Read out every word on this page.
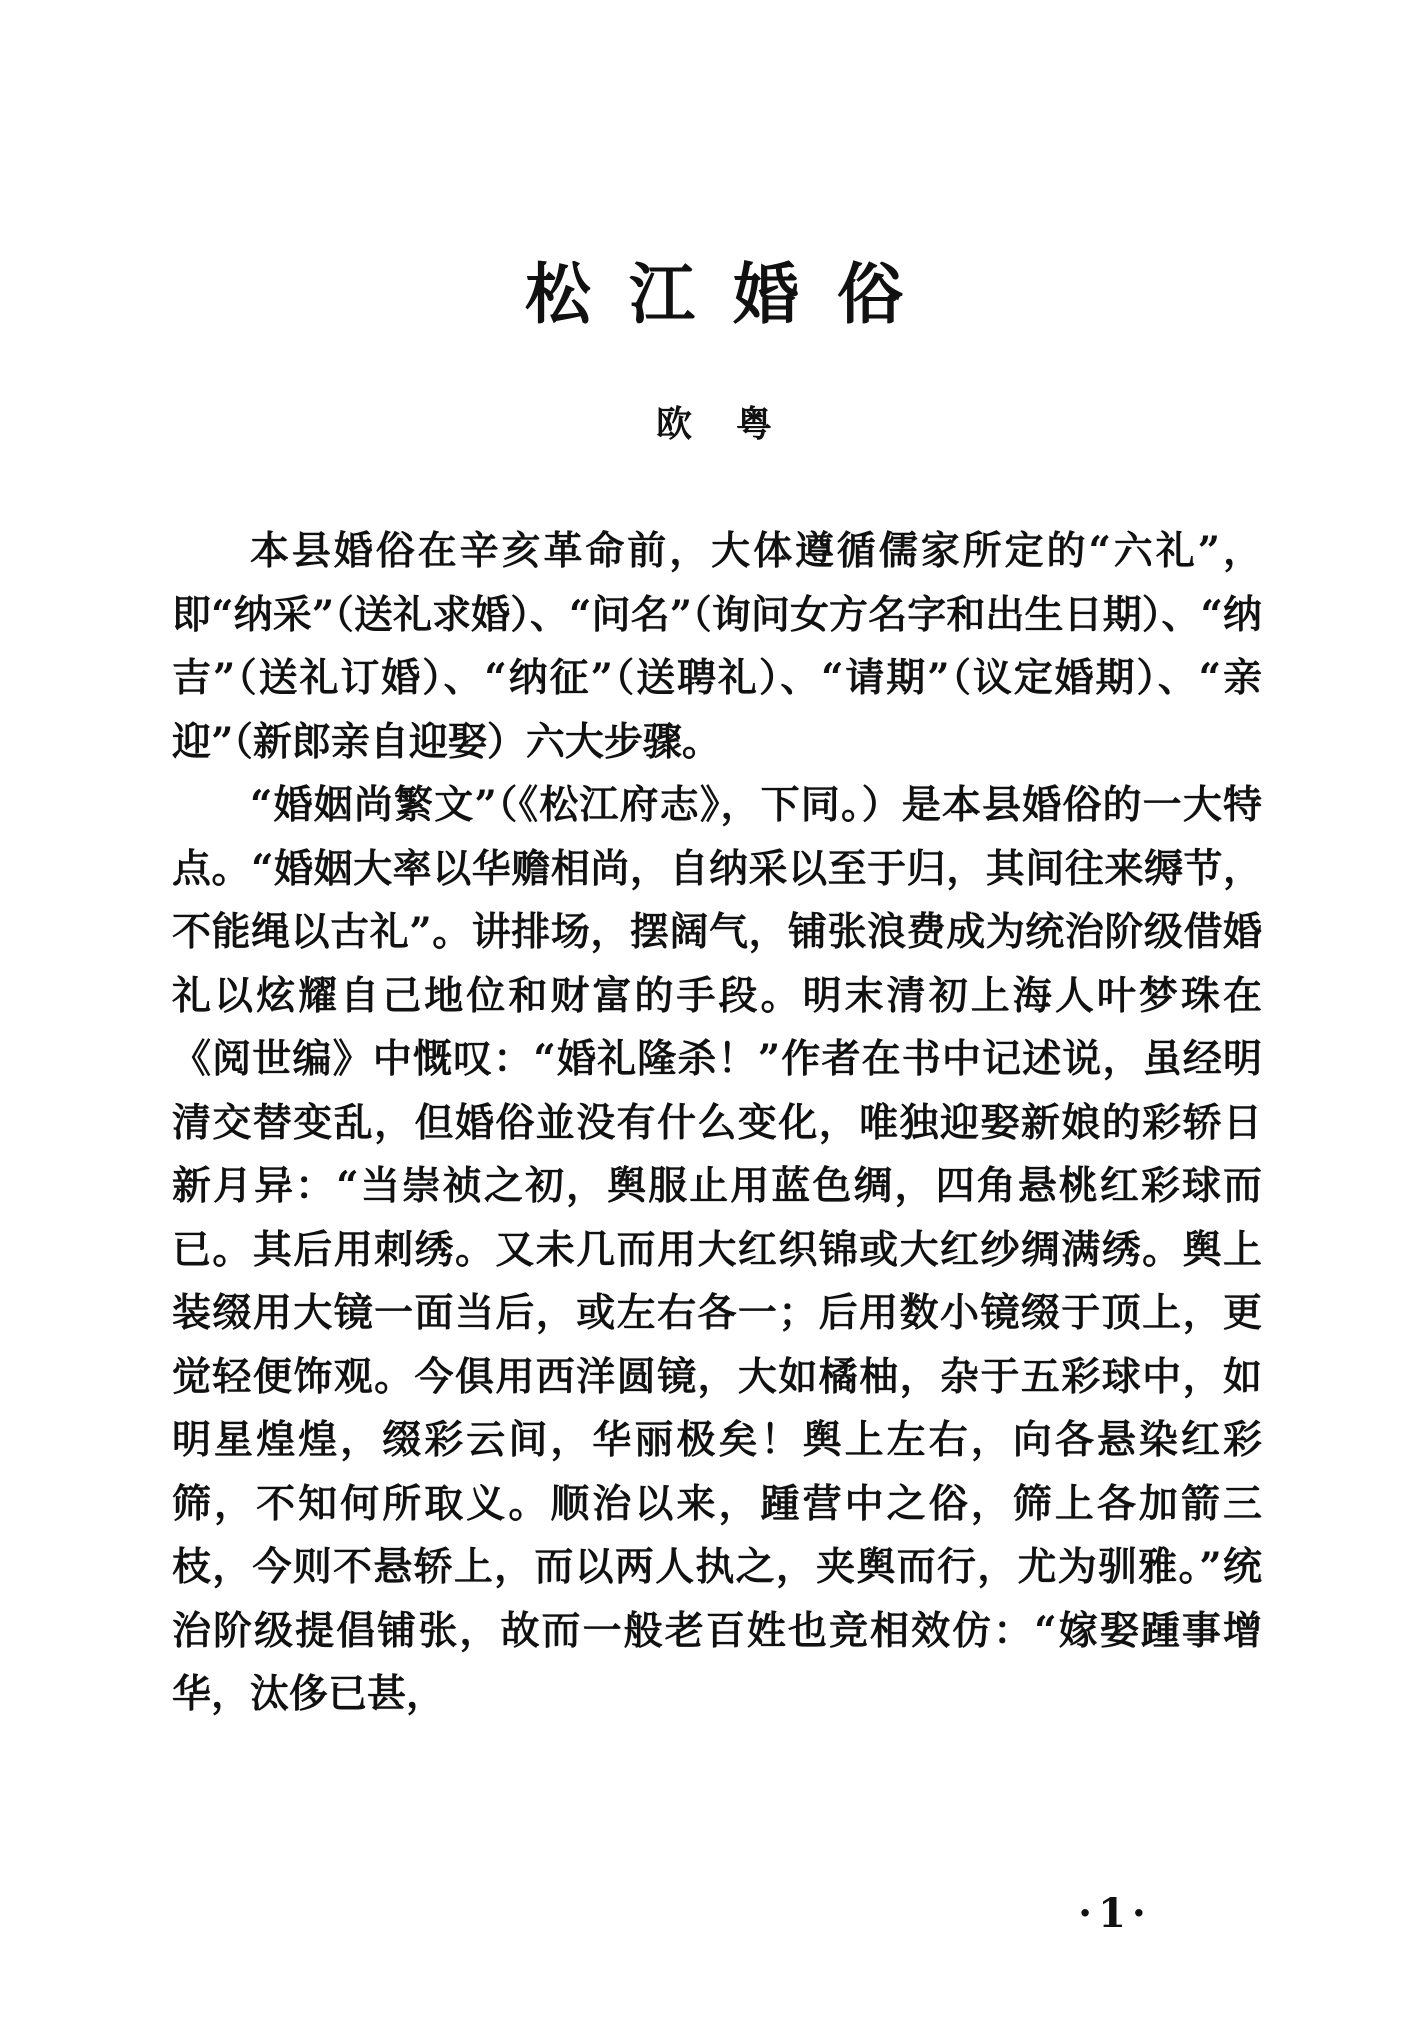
松江婚俗
欧粤

本县婚俗在辛亥革命前，大体遵循儒家所定的“六礼”，即“纳采”（送礼求婚）、“问名”（询问女方名字和出生日期）、“纳吉”（送礼订婚）、“纳征”（送聘礼）、“请期”（议定婚期）、“亲迎”（新郎亲自迎娶）六大步骤。

“婚姻尚繁文”（《松江府志》，下同。）是本县婚俗的一大特点。“婚姻大率以华赡相尚，自纳采以至于归，其间往来缛节，不能绳以古礼”。讲排场，摆阔气，铺张浪费成为统治阶级借婚礼以炫耀自己地位和财富的手段。明末清初上海人叶梦珠在《阅世编》中慨叹：“婚礼隆杀！”作者在书中记述说，虽经明清交替变乱，但婚俗並没有什么变化，唯独迎娶新娘的彩轿日新月异：“当崇祯之初，舆服止用蓝色绸，四角悬桃红彩球而已。其后用刺绣。又未几而用大红织锦或大红纱绸满绣。舆上装缀用大镜一面当后，或左右各一；后用数小镜缀于顶上，更觉轻便饰观。今俱用西洋圆镜，大如橘柚，杂于五彩球中，如明星煌煌，缀彩云间，华丽极矣！舆上左右，向各悬染红彩筛，不知何所取义。顺治以来，踵营中之俗，筛上各加箭三枝，今则不悬轿上，而以两人执之，夹舆而行，尤为驯雅。”统治阶级提倡铺张，故而一般老百姓也竞相效仿：“嫁娶踵事增华，汰侈已甚，

·1·
